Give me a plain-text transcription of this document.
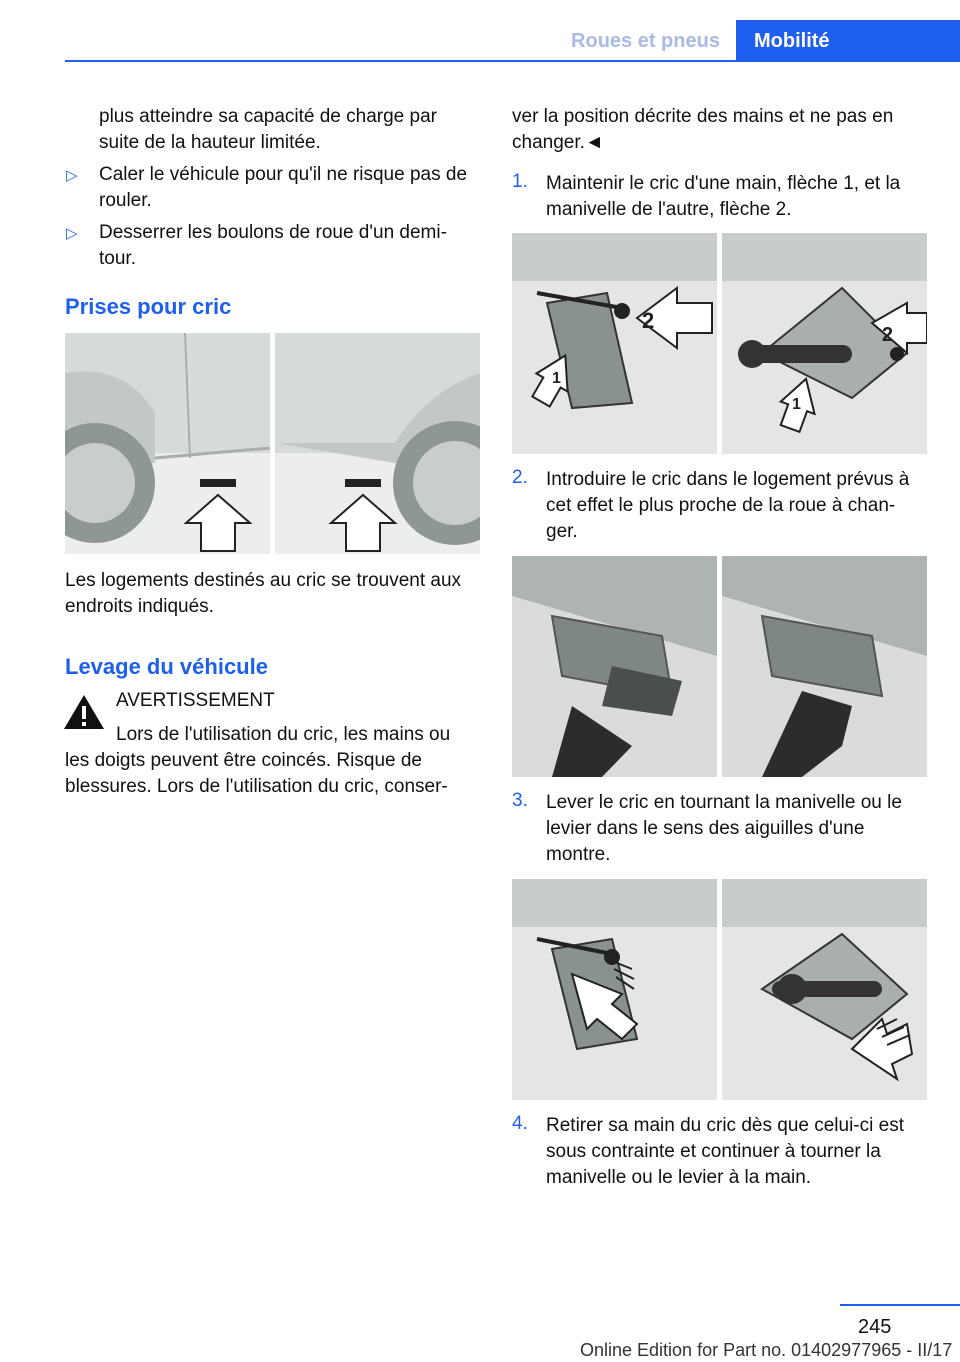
Roues et pneus	Mobilité
plus atteindre sa capacité de charge par
suite de la hauteur limitée.
▷ Caler le véhicule pour qu'il ne risque pas de
rouler.
▷ Desserrer les boulons de roue d'un demi-
tour.
Prises pour cric
Les logements destinés au cric se trouvent aux
endroits indiqués.
Levage du véhicule
AVERTISSEMENT
Lors de l'utilisation du cric, les mains ou
les doigts peuvent être coincés. Risque de
blessures. Lors de l'utilisation du cric, conser-
ver la position décrite des mains et ne pas en
changer.◄
1. Maintenir le cric d'une main, flèche 1, et la
manivelle de l'autre, flèche 2.
1
2
1
2
2. Introduire le cric dans le logement prévus à
cet effet le plus proche de la roue à chan-
ger.
3. Lever le cric en tournant la manivelle ou le
levier dans le sens des aiguilles d'une
montre.
4. Retirer sa main du cric dès que celui-ci est
sous contrainte et continuer à tourner la
manivelle ou le levier à la main.
245
Online Edition for Part no. 01402977965 - II/17
